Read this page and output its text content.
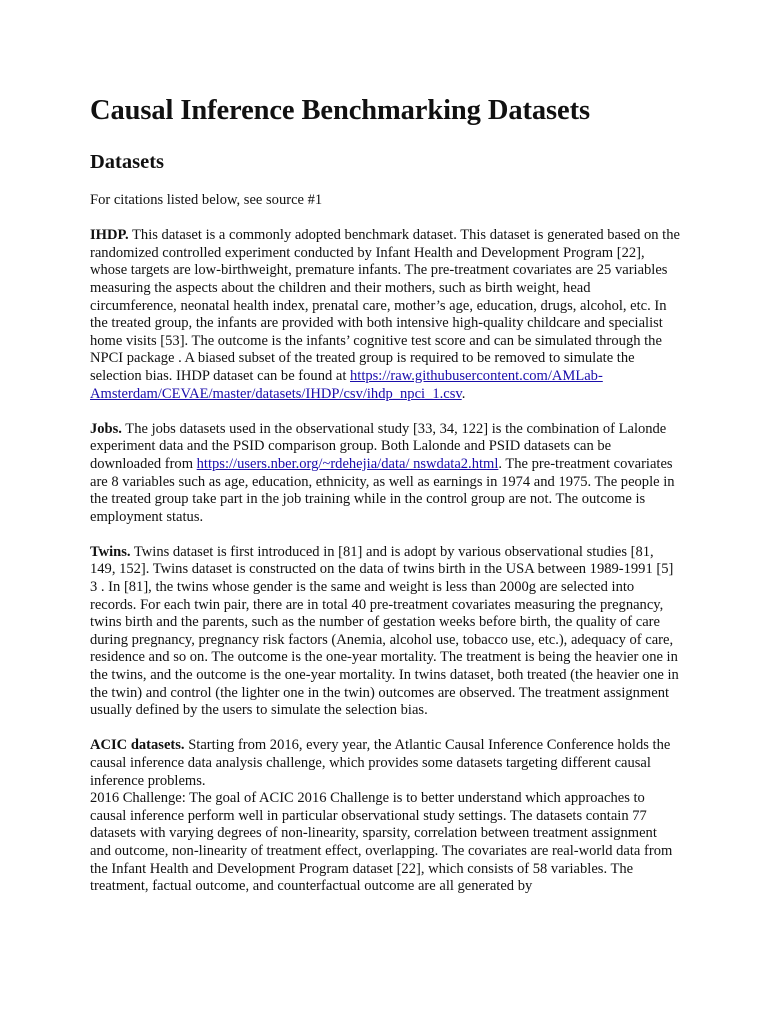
Causal Inference Benchmarking Datasets
Datasets

For citations listed below, see source #1

IHDP. This dataset is a commonly adopted benchmark dataset. This dataset is generated based on the randomized controlled experiment conducted by Infant Health and Development Program [22], whose targets are low-birthweight, premature infants. The pre-treatment covariates are 25 variables measuring the aspects about the children and their mothers, such as birth weight, head circumference, neonatal health index, prenatal care, mother’s age, education, drugs, alcohol, etc. In the treated group, the infants are provided with both intensive high-quality childcare and specialist home visits [53]. The outcome is the infants’ cognitive test score and can be simulated through the NPCI package . A biased subset of the treated group is required to be removed to simulate the selection bias. IHDP dataset can be found at https://raw.githubusercontent.com/AMLab-Amsterdam/CEVAE/master/datasets/IHDP/csv/ihdp_npci_1.csv.

Jobs. The jobs datasets used in the observational study [33, 34, 122] is the combination of Lalonde experiment data and the PSID comparison group. Both Lalonde and PSID datasets can be downloaded from https://users.nber.org/~rdehejia/data/ nswdata2.html. The pre-treatment covariates are 8 variables such as age, education, ethnicity, as well as earnings in 1974 and 1975. The people in the treated group take part in the job training while in the control group are not. The outcome is employment status.

Twins. Twins dataset is first introduced in [81] and is adopt by various observational studies [81, 149, 152]. Twins dataset is constructed on the data of twins birth in the USA between 1989-1991 [5] 3 . In [81], the twins whose gender is the same and weight is less than 2000g are selected into records. For each twin pair, there are in total 40 pre-treatment covariates measuring the pregnancy, twins birth and the parents, such as the number of gestation weeks before birth, the quality of care during pregnancy, pregnancy risk factors (Anemia, alcohol use, tobacco use, etc.), adequacy of care, residence and so on. The outcome is the one-year mortality. The treatment is being the heavier one in the twins, and the outcome is the one-year mortality. In twins dataset, both treated (the heavier one in the twin) and control (the lighter one in the twin) outcomes are observed. The treatment assignment usually defined by the users to simulate the selection bias.

ACIC datasets. Starting from 2016, every year, the Atlantic Causal Inference Conference holds the causal inference data analysis challenge, which provides some datasets targeting different causal inference problems.

2016 Challenge: The goal of ACIC 2016 Challenge is to better understand which approaches to causal inference perform well in particular observational study settings. The datasets contain 77 datasets with varying degrees of non-linearity, sparsity, correlation between treatment assignment and outcome, non-linearity of treatment effect, overlapping. The covariates are real-world data from the Infant Health and Development Program dataset [22], which consists of 58 variables. The treatment, factual outcome, and counterfactual outcome are all generated by
